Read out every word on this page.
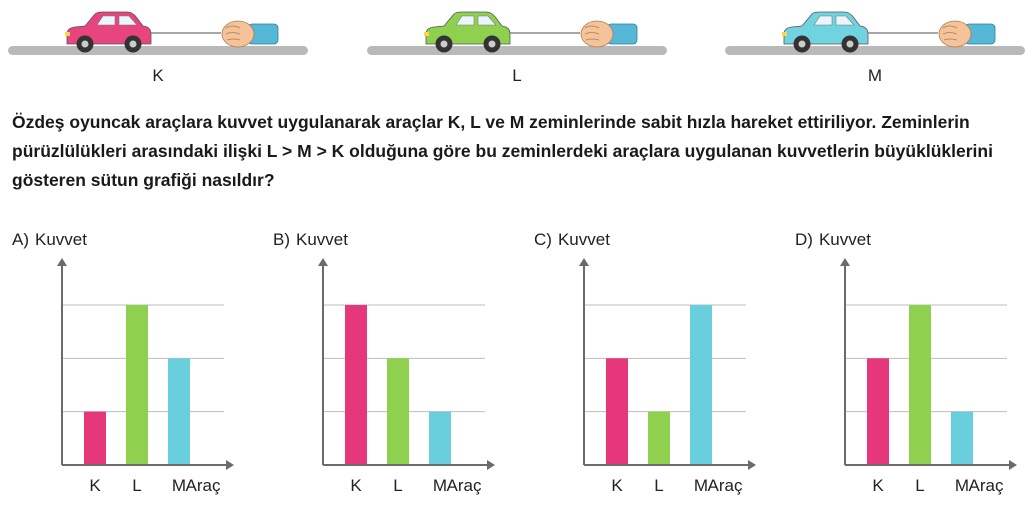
K	L	M
Özdeş oyuncak araçlara kuvvet uygulanarak araçlar K, L ve M zeminlerinde sabit hızla hareket ettiriliyor. Zeminlerin pürüzlülükleri arasındaki ilişki L > M > K olduğuna göre bu zeminlerdeki araçlara uygulanan kuvvetlerin büyüklüklerini gösteren sütun grafiği nasıldır?
A) Kuvvet
K L M Araç
B) Kuvvet
K L M Araç
C) Kuvvet
K L M Araç
D) Kuvvet
K L M Araç
